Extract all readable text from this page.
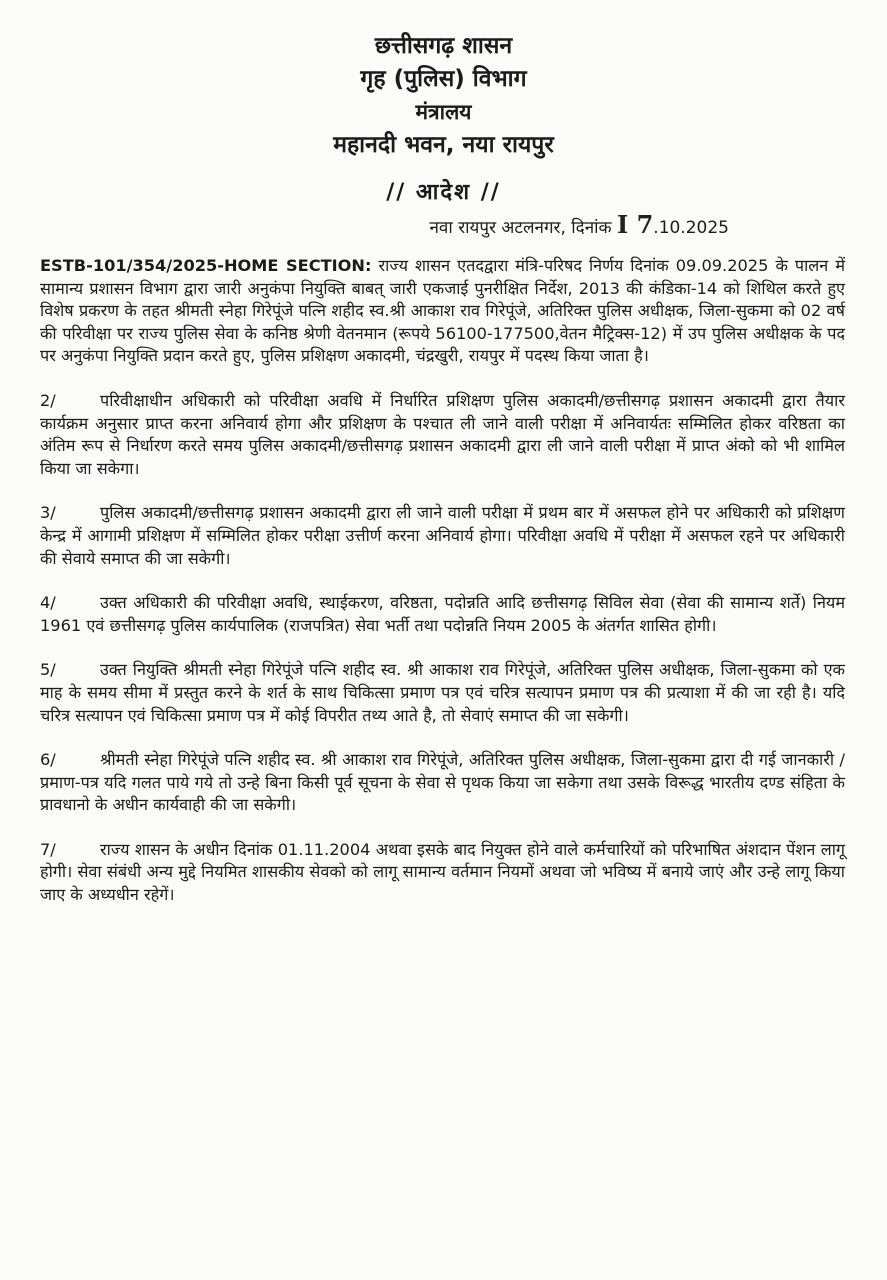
छत्तीसगढ़ शासन
गृह (पुलिस) विभाग
मंत्रालय
महानदी भवन, नया रायपुर
// आदेश //
नवा रायपुर अटलनगर, दिनांक I 7.10.2025

ESTB-101/354/2025-HOME SECTION: राज्य शासन एतदद्वारा मंत्रि-परिषद निर्णय दिनांक 09.09.2025 के पालन में सामान्य प्रशासन विभाग द्वारा जारी अनुकंपा नियुक्ति बाबत् जारी एकजाई पुनरीक्षित निर्देश, 2013 की कंडिका-14 को शिथिल करते हुए विशेष प्रकरण के तहत श्रीमती स्नेहा गिरेपूंजे पत्नि शहीद स्व.श्री आकाश राव गिरेपूंजे, अतिरिक्त पुलिस अधीक्षक, जिला-सुकमा को 02 वर्ष की परिवीक्षा पर राज्य पुलिस सेवा के कनिष्ठ श्रेणी वेतनमान (रूपये 56100-177500,वेतन मैट्रिक्स-12) में उप पुलिस अधीक्षक के पद पर अनुकंपा नियुक्ति प्रदान करते हुए, पुलिस प्रशिक्षण अकादमी, चंद्रखुरी, रायपुर में पदस्थ किया जाता है।

2/	परिवीक्षाधीन अधिकारी को परिवीक्षा अवधि में निर्धारित प्रशिक्षण पुलिस अकादमी/छत्तीसगढ़ प्रशासन अकादमी द्वारा तैयार कार्यक्रम अनुसार प्राप्त करना अनिवार्य होगा और प्रशिक्षण के पश्चात ली जाने वाली परीक्षा में अनिवार्यतः सम्मिलित होकर वरिष्ठता का अंतिम रूप से निर्धारण करते समय पुलिस अकादमी/छत्तीसगढ़ प्रशासन अकादमी द्वारा ली जाने वाली परीक्षा में प्राप्त अंको को भी शामिल किया जा सकेगा।

3/	पुलिस अकादमी/छत्तीसगढ़ प्रशासन अकादमी द्वारा ली जाने वाली परीक्षा में प्रथम बार में असफल होने पर अधिकारी को प्रशिक्षण केन्द्र में आगामी प्रशिक्षण में सम्मिलित होकर परीक्षा उत्तीर्ण करना अनिवार्य होगा। परिवीक्षा अवधि में परीक्षा में असफल रहने पर अधिकारी की सेवाये समाप्त की जा सकेगी।

4/	उक्त अधिकारी की परिवीक्षा अवधि, स्थाईकरण, वरिष्ठता, पदोन्नति आदि छत्तीसगढ़ सिविल सेवा (सेवा की सामान्य शर्ते) नियम 1961 एवं छत्तीसगढ़ पुलिस कार्यपालिक (राजपत्रित) सेवा भर्ती तथा पदोन्नति नियम 2005 के अंतर्गत शासित होगी।

5/	उक्त नियुक्ति श्रीमती स्नेहा गिरेपूंजे पत्नि शहीद स्व. श्री आकाश राव गिरेपूंजे, अतिरिक्त पुलिस अधीक्षक, जिला-सुकमा को एक माह के समय सीमा में प्रस्तुत करने के शर्त के साथ चिकित्सा प्रमाण पत्र एवं चरित्र सत्यापन प्रमाण पत्र की प्रत्याशा में की जा रही है। यदि चरित्र सत्यापन एवं चिकित्सा प्रमाण पत्र में कोई विपरीत तथ्य आते है, तो सेवाएं समाप्त की जा सकेगी।

6/	श्रीमती स्नेहा गिरेपूंजे पत्नि शहीद स्व. श्री आकाश राव गिरेपूंजे, अतिरिक्त पुलिस अधीक्षक, जिला-सुकमा द्वारा दी गई जानकारी /प्रमाण-पत्र यदि गलत पाये गये तो उन्हे बिना किसी पूर्व सूचना के सेवा से पृथक किया जा सकेगा तथा उसके विरूद्ध भारतीय दण्ड संहिता के प्रावधानो के अधीन कार्यवाही की जा सकेगी।

7/	राज्य शासन के अधीन दिनांक 01.11.2004 अथवा इसके बाद नियुक्त होने वाले कर्मचारियों को परिभाषित अंशदान पेंशन लागू होगी। सेवा संबंधी अन्य मुद्दे नियमित शासकीय सेवको को लागू सामान्य वर्तमान नियमों अथवा जो भविष्य में बनाये जाएं और उन्हे लागू किया जाए के अध्यधीन रहेगें।
